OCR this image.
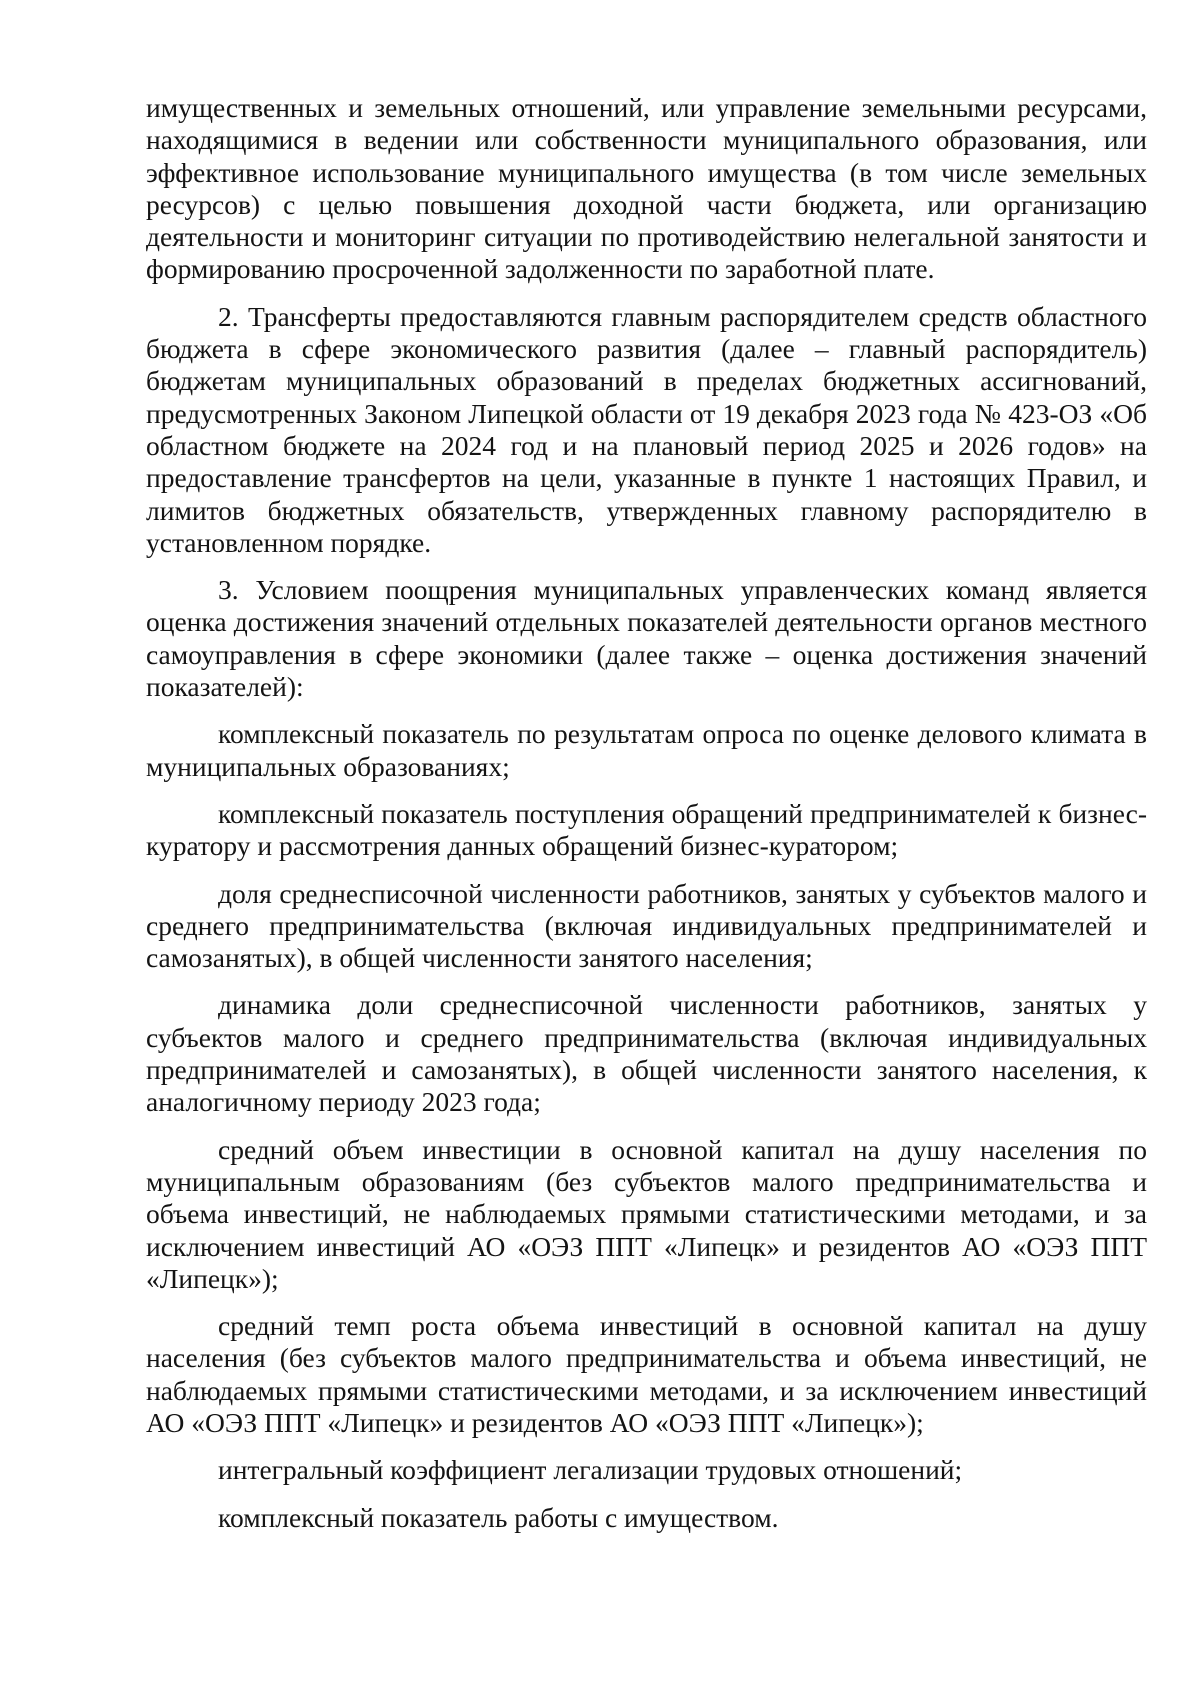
имущественных и земельных отношений, или управление земельными ресурсами, находящимися в ведении или собственности муниципального образования, или эффективное использование муниципального имущества (в том числе земельных ресурсов) с целью повышения доходной части бюджета, или организацию деятельности и мониторинг ситуации по противодействию нелегальной занятости и формированию просроченной задолженности по заработной плате.

2. Трансферты предоставляются главным распорядителем средств областного бюджета в сфере экономического развития (далее – главный распорядитель) бюджетам муниципальных образований в пределах бюджетных ассигнований, предусмотренных Законом Липецкой области от 19 декабря 2023 года № 423-ОЗ «Об областном бюджете на 2024 год и на плановый период 2025 и 2026 годов» на предоставление трансфертов на цели, указанные в пункте 1 настоящих Правил, и лимитов бюджетных обязательств, утвержденных главному распорядителю в установленном порядке.

3. Условием поощрения муниципальных управленческих команд является оценка достижения значений отдельных показателей деятельности органов местного самоуправления в сфере экономики (далее также – оценка достижения значений показателей):

комплексный показатель по результатам опроса по оценке делового климата в муниципальных образованиях;

комплексный показатель поступления обращений предпринимателей к бизнес-куратору и рассмотрения данных обращений бизнес-куратором;

доля среднесписочной численности работников, занятых у субъектов малого и среднего предпринимательства (включая индивидуальных предпринимателей и самозанятых), в общей численности занятого населения;

динамика доли среднесписочной численности работников, занятых у субъектов малого и среднего предпринимательства (включая индивидуальных предпринимателей и самозанятых), в общей численности занятого населения, к аналогичному периоду 2023 года;

средний объем инвестиции в основной капитал на душу населения по муниципальным образованиям (без субъектов малого предпринимательства и объема инвестиций, не наблюдаемых прямыми статистическими методами, и за исключением инвестиций АО «ОЭЗ ППТ «Липецк» и резидентов АО «ОЭЗ ППТ «Липецк»);

средний темп роста объема инвестиций в основной капитал на душу населения (без субъектов малого предпринимательства и объема инвестиций, не наблюдаемых прямыми статистическими методами, и за исключением инвестиций АО «ОЭЗ ППТ «Липецк» и резидентов АО «ОЭЗ ППТ «Липецк»);

интегральный коэффициент легализации трудовых отношений;

комплексный показатель работы с имуществом.
